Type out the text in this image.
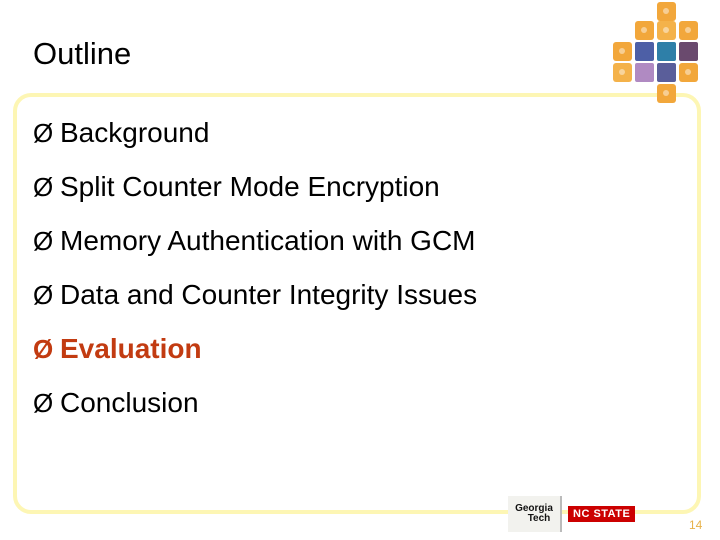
Outline
Ø Background
Ø Split Counter Mode Encryption
Ø Memory Authentication with GCM
Ø Data and Counter Integrity Issues
Ø Evaluation
Ø Conclusion
Georgia
Tech	NC STATE
14
